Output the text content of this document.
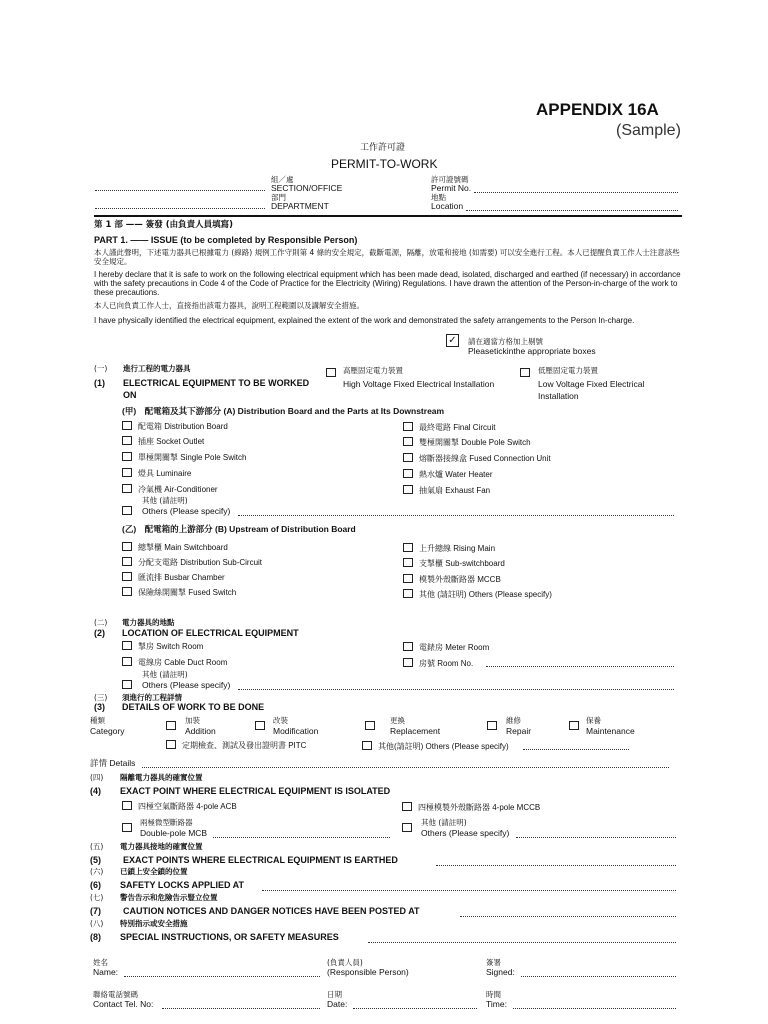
APPENDIX 16A
(Sample)
工作許可證
PERMIT-TO-WORK
組／處
SECTION/OFFICE
部門
DEPARTMENT
許可證號碼
Permit No.
地點
Location
第 1 部 —— 簽發 (由負責人員填寫)
PART 1. —— ISSUE (to be completed by Responsible Person)
本人謹此聲明，下述電力器具已根據電力 (線路) 規例工作守則第 4 條的安全規定，截斷電源，隔離，放電和接地 (如需要) 可以安全進行工程。本人已提醒負責工作人士注意該些安全規定。
I hereby declare that it is safe to work on the following electrical equipment which has been made dead, isolated, discharged and earthed (if necessary) in accordance with the safety precautions in Code 4 of the Code of Practice for the Electricity (Wiring) Regulations. I have drawn the attention of the Person-in-charge of the work to these precautions.
本人已向負責工作人士，直接指出該電力器具，說明工程範圍以及講解安全措施。
I have physically identified the electrical equipment, explained the extent of the work and demonstrated the safety arrangements to the Person In-charge.
✓	請在適當方格加上剔號
Pleasetickinthe appropriate boxes
(一) 進行工程的電力器具
(1) ELECTRICAL EQUIPMENT TO BE WORKED
ON
高壓固定電力裝置
High Voltage Fixed Electrical Installation
低壓固定電力裝置
Low Voltage Fixed Electrical
Installation
(甲)　配電箱及其下游部分 (A) Distribution Board and the Parts at Its Downstream
配電箱 Distribution Board
插座 Socket Outlet
單極開關掣 Single Pole Switch
燈具 Luminaire
冷氣機 Air-Conditioner
最終電路 Final Circuit
雙極開關掣 Double Pole Switch
熔斷器接線盒 Fused Connection Unit
熱水爐 Water Heater
抽氣扇 Exhaust Fan
其他 (請註明)
Others (Please specify)
(乙)　配電箱的上游部分 (B) Upstream of Distribution Board
總掣櫃 Main Switchboard
分配支電路 Distribution Sub-Circuit
匯流排 Busbar Chamber
保險絲開關掣 Fused Switch
上升總線 Rising Main
支掣櫃 Sub-switchboard
模製外殼斷路器 MCCB
其他 (請註明) Others (Please specify)
(二) 電力器具的地點
(2) LOCATION OF ELECTRICAL EQUIPMENT
掣房 Switch Room
電線房 Cable Duct Room
電錶房 Meter Room
房號 Room No.
其他 (請註明)
Others (Please specify)
(三) 須進行的工程詳情
(3) DETAILS OF WORK TO BE DONE
種類
Category
加裝
Addition
改裝
Modification
更換
Replacement
維修
Repair
保養
Maintenance
定期檢查、測試及發出證明書 PITC	其他(請註明) Others (Please specify)
詳情 Details
(四) 隔離電力器具的確實位置
(4) EXACT POINT WHERE ELECTRICAL EQUIPMENT IS ISOLATED
四極空氣斷路器 4-pole ACB	四極模製外殼斷路器 4-pole MCCB
兩極微型斷路器
Double-pole MCB
其他 (請註明)
Others (Please specify)
(五) 電力器具接地的確實位置
(5) EXACT POINTS WHERE ELECTRICAL EQUIPMENT IS EARTHED
(六) 已鎖上安全鎖的位置
(6) SAFETY LOCKS APPLIED AT
(七) 警告告示和危險告示豎立位置
(7) CAUTION NOTICES AND DANGER NOTICES HAVE BEEN POSTED AT
(八) 特別指示或安全措施
(8) SPECIAL INSTRUCTIONS, OR SAFETY MEASURES
姓名
Name:
(負責人員)
(Responsible Person)
簽署
Signed:
聯絡電話號碼
Contact Tel. No:
日期
Date:
時間
Time:
